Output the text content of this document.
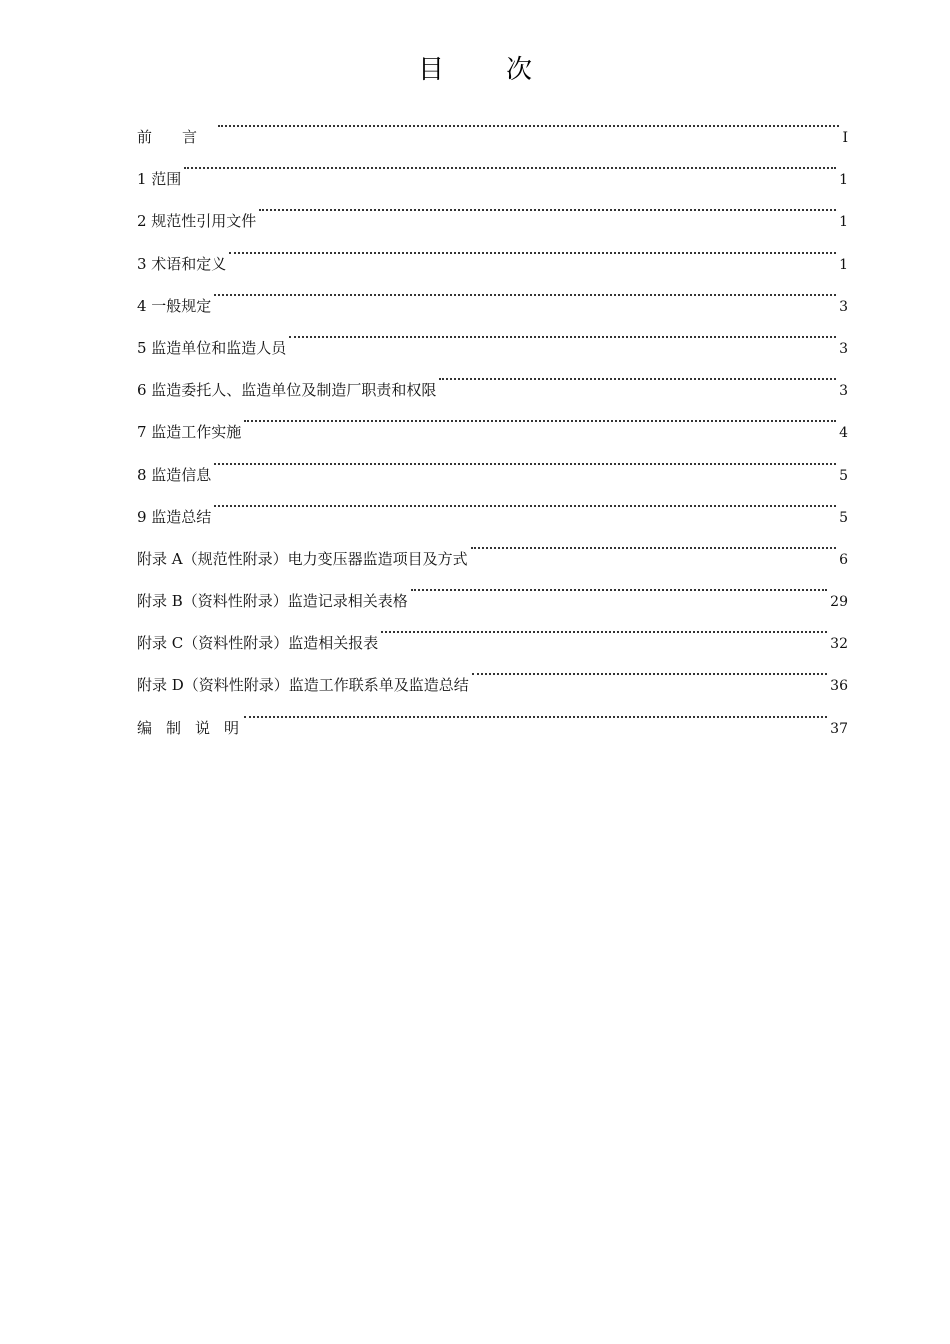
目次
前言	I
1 范围	1
2 规范性引用文件	1
3 术语和定义	1
4 一般规定	3
5 监造单位和监造人员	3
6 监造委托人、监造单位及制造厂职责和权限	3
7 监造工作实施	4
8 监造信息	5
9 监造总结	5
附录 A（规范性附录）电力变压器监造项目及方式	6
附录 B（资料性附录）监造记录相关表格	29
附录 C（资料性附录）监造相关报表	32
附录 D（资料性附录）监造工作联系单及监造总结	36
编制说明	37
